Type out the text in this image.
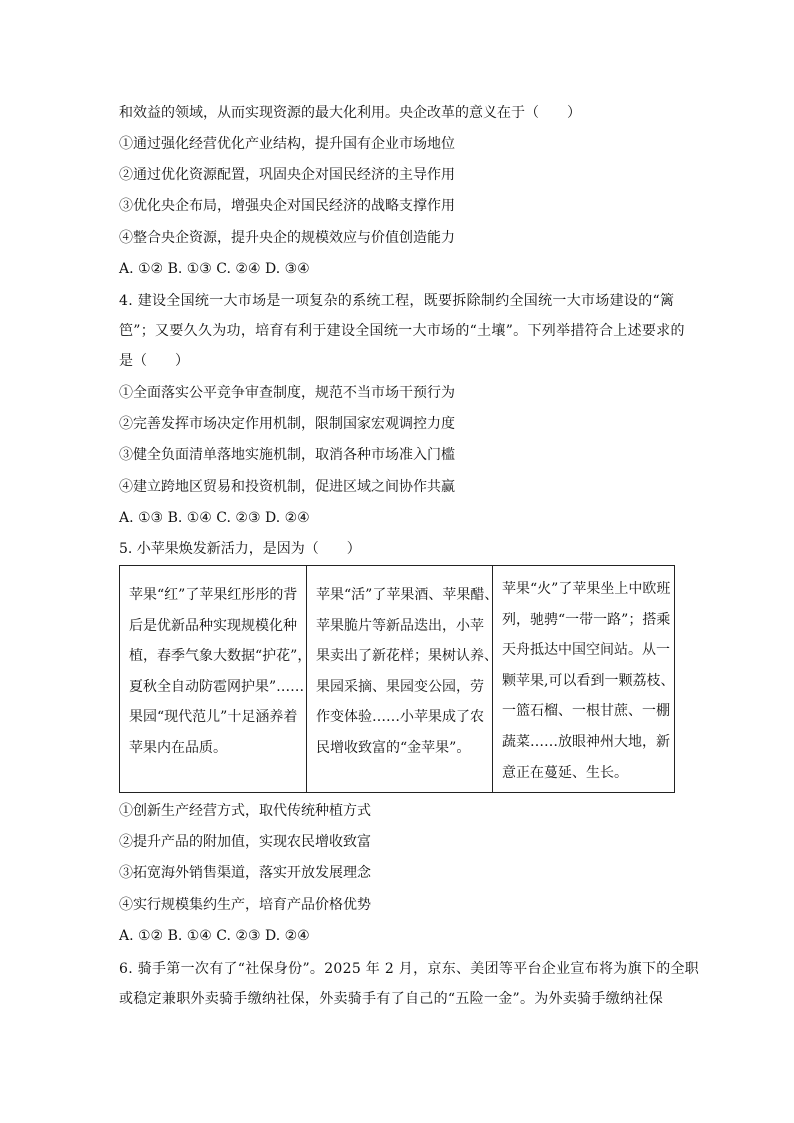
和效益的领域，从而实现资源的最大化利用。央企改革的意义在于（　　）
①通过强化经营优化产业结构，提升国有企业市场地位
②通过优化资源配置，巩固央企对国民经济的主导作用
③优化央企布局，增强央企对国民经济的战略支撑作用
④整合央企资源，提升央企的规模效应与价值创造能力
A. ①② B. ①③ C. ②④ D. ③④
4. 建设全国统一大市场是一项复杂的系统工程，既要拆除制约全国统一大市场建设的“篱
笆”；又要久久为功，培育有利于建设全国统一大市场的“土壤”。下列举措符合上述要求的
是（　　）
①全面落实公平竞争审查制度，规范不当市场干预行为
②完善发挥市场决定作用机制，限制国家宏观调控力度
③健全负面清单落地实施机制，取消各种市场准入门槛
④建立跨地区贸易和投资机制，促进区域之间协作共赢
A. ①③ B. ①④ C. ②③ D. ②④
5. 小苹果焕发新活力，是因为（　　）
苹果“红”了苹果红彤彤的背
后是优新品种实现规模化种
植，春季气象大数据“护花”，
夏秋全自动防雹网护果”……
果园“现代范儿”十足涵养着
苹果内在品质。
苹果“活”了苹果酒、苹果醋、
苹果脆片等新品迭出，小苹
果卖出了新花样；果树认养、
果园采摘、果园变公园，劳
作变体验……小苹果成了农
民增收致富的“金苹果”。
苹果“火”了苹果坐上中欧班
列，驰骋“一带一路”；搭乘
天舟抵达中国空间站。从一
颗苹果,可以看到一颗荔枝、
一篮石榴、一根甘蔗、一棚
蔬菜……放眼神州大地，新
意正在蔓延、生长。
①创新生产经营方式，取代传统种植方式
②提升产品的附加值，实现农民增收致富
③拓宽海外销售渠道，落实开放发展理念
④实行规模集约生产，培育产品价格优势
A. ①② B. ①④ C. ②③ D. ②④
6. 骑手第一次有了“社保身份”。2025 年 2 月，京东、美团等平台企业宣布将为旗下的全职
或稳定兼职外卖骑手缴纳社保，外卖骑手有了自己的“五险一金”。为外卖骑手缴纳社保
